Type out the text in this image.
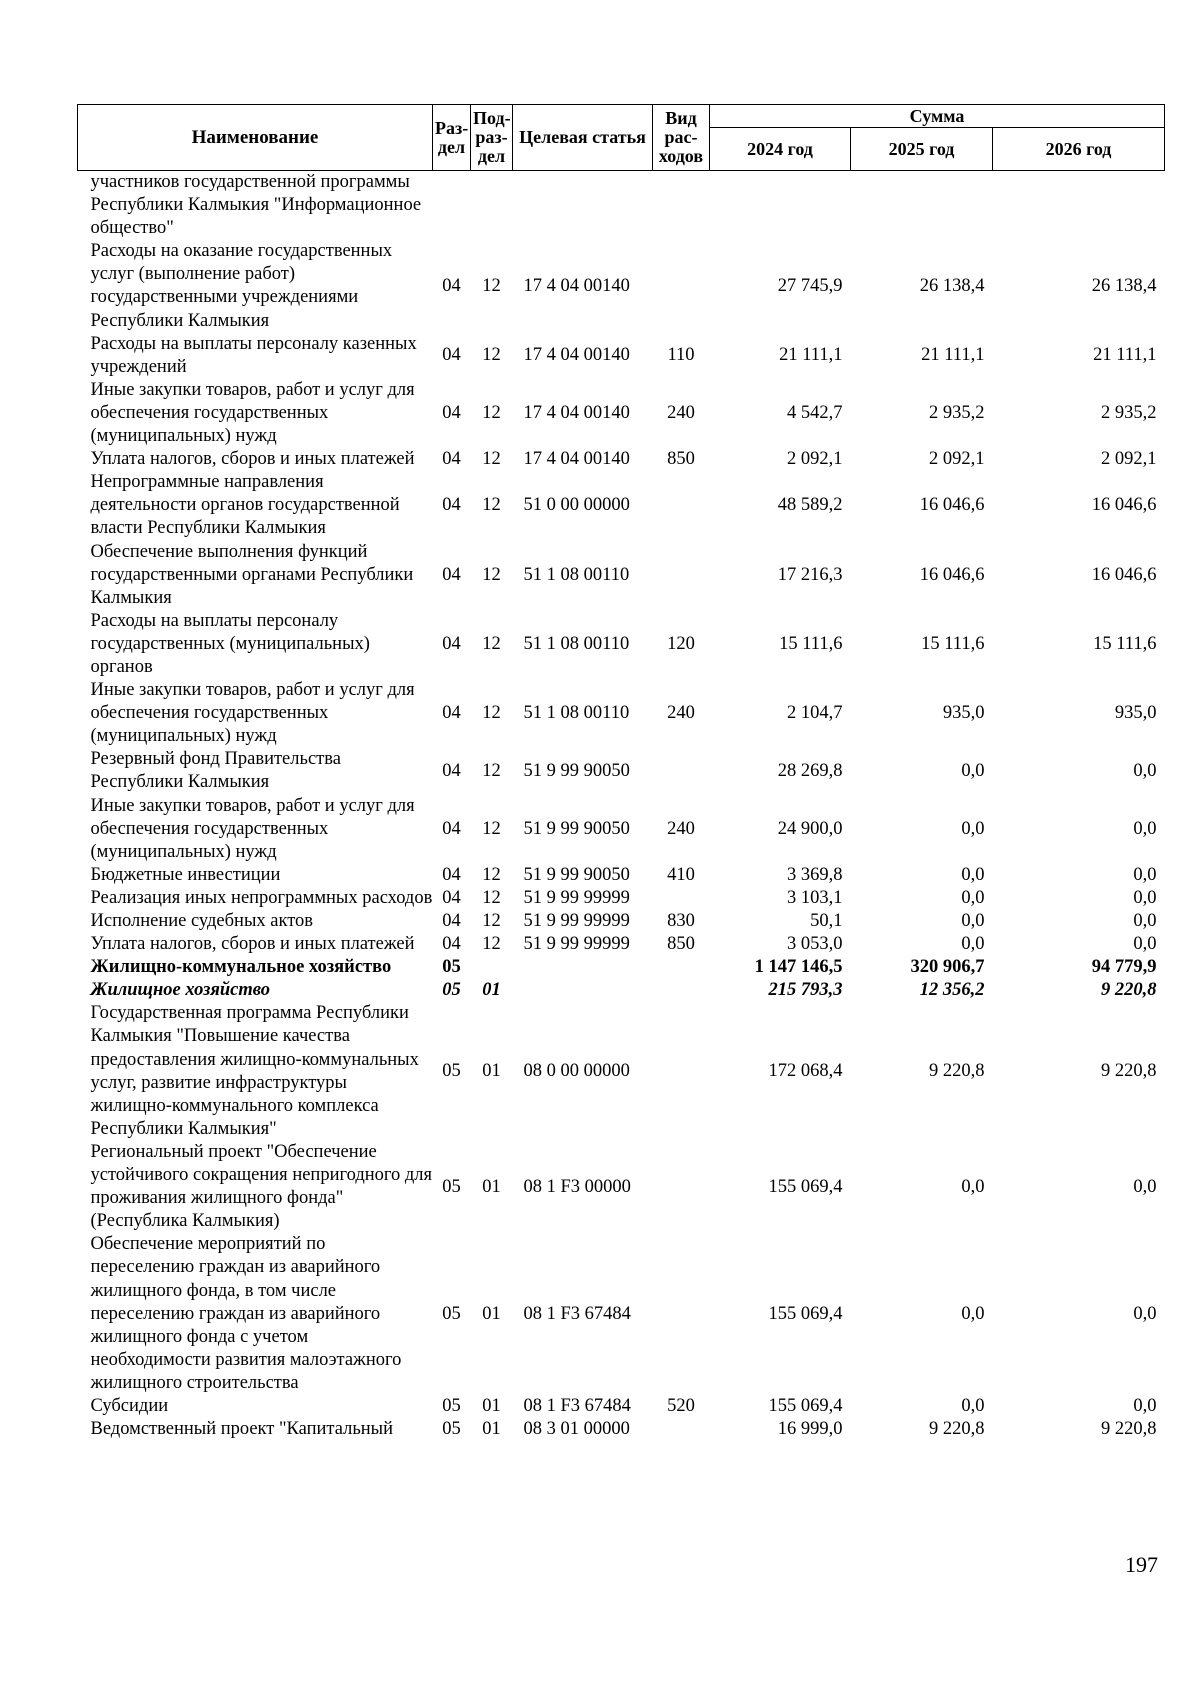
Наименование	Раз-дел	Под-раз-дел	Целевая статья	Вид рас-ходов	Сумма		
					2024 год	2025 год	2026 год
участников государственной программы Республики Калмыкия "Информационное общество"							
Расходы на оказание государственных услуг (выполнение работ) государственными учреждениями Республики Калмыкия	04	12	17 4 04 00140		27 745,9	26 138,4	26 138,4
Расходы на выплаты персоналу казенных учреждений	04	12	17 4 04 00140	110	21 111,1	21 111,1	21 111,1
Иные закупки товаров, работ и услуг для обеспечения государственных (муниципальных) нужд	04	12	17 4 04 00140	240	4 542,7	2 935,2	2 935,2
Уплата налогов, сборов и иных платежей	04	12	17 4 04 00140	850	2 092,1	2 092,1	2 092,1
Непрограммные направления деятельности органов государственной власти Республики Калмыкия	04	12	51 0 00 00000		48 589,2	16 046,6	16 046,6
Обеспечение выполнения функций государственными органами Республики Калмыкия	04	12	51 1 08 00110		17 216,3	16 046,6	16 046,6
Расходы на выплаты персоналу государственных (муниципальных) органов	04	12	51 1 08 00110	120	15 111,6	15 111,6	15 111,6
Иные закупки товаров, работ и услуг для обеспечения государственных (муниципальных) нужд	04	12	51 1 08 00110	240	2 104,7	935,0	935,0
Резервный фонд Правительства Республики Калмыкия	04	12	51 9 99 90050		28 269,8	0,0	0,0
Иные закупки товаров, работ и услуг для обеспечения государственных (муниципальных) нужд	04	12	51 9 99 90050	240	24 900,0	0,0	0,0
Бюджетные инвестиции	04	12	51 9 99 90050	410	3 369,8	0,0	0,0
Реализация иных непрограммных расходов	04	12	51 9 99 99999		3 103,1	0,0	0,0
Исполнение судебных актов	04	12	51 9 99 99999	830	50,1	0,0	0,0
Уплата налогов, сборов и иных платежей	04	12	51 9 99 99999	850	3 053,0	0,0	0,0
Жилищно-коммунальное хозяйство	05				1 147 146,5	320 906,7	94 779,9
Жилищное хозяйство	05	01			215 793,3	12 356,2	9 220,8
Государственная программа Республики Калмыкия "Повышение качества предоставления жилищно-коммунальных услуг, развитие инфраструктуры жилищно-коммунального комплекса Республики Калмыкия"	05	01	08 0 00 00000		172 068,4	9 220,8	9 220,8
Региональный проект "Обеспечение устойчивого сокращения непригодного для проживания жилищного фонда" (Республика Калмыкия)	05	01	08 1 F3 00000		155 069,4	0,0	0,0
Обеспечение мероприятий по переселению граждан из аварийного жилищного фонда, в том числе переселению граждан из аварийного жилищного фонда с учетом необходимости развития малоэтажного жилищного строительства	05	01	08 1 F3 67484		155 069,4	0,0	0,0
Субсидии	05	01	08 1 F3 67484	520	155 069,4	0,0	0,0
Ведомственный проект "Капитальный	05	01	08 3 01 00000		16 999,0	9 220,8	9 220,8
197
